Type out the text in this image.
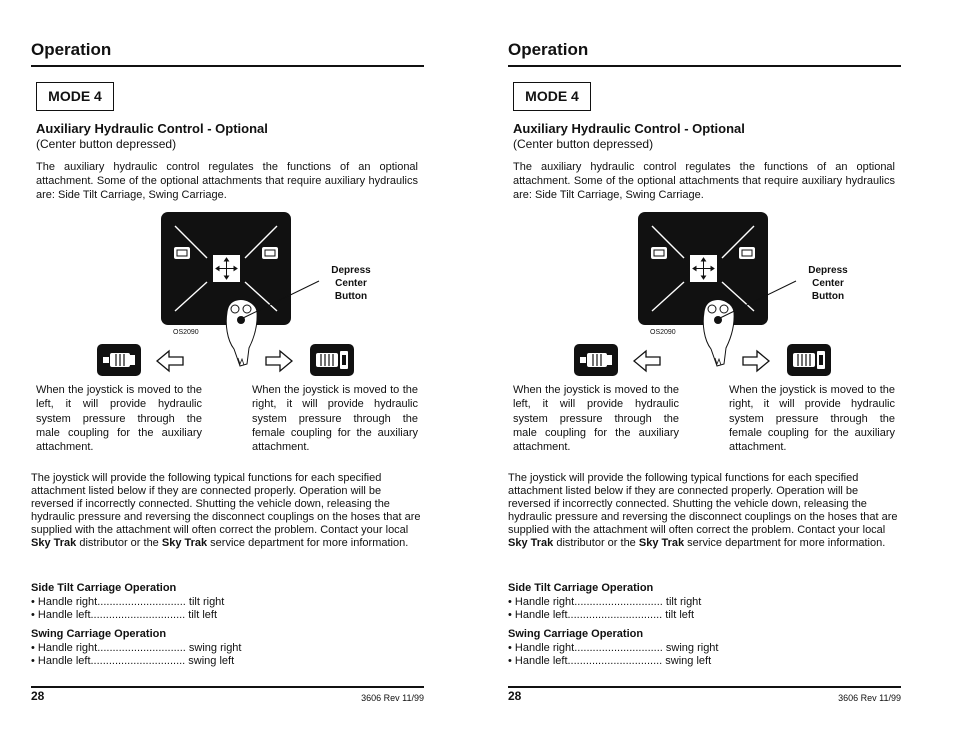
Operation
MODE 4
Auxiliary Hydraulic Control - Optional
(Center button depressed)

The auxiliary hydraulic control regulates the functions of an optional attachment. Some of the optional attachments that require auxiliary hydraulics are: Side Tilt Carriage, Swing Carriage.

OS2090
Depress
Center
Button

When the joystick is moved to the left, it will provide hydraulic system pressure through the male coupling for the auxiliary attachment.

When the joystick is moved to the right, it will provide hydraulic system pressure through the female coupling for the auxiliary attachment.

The joystick will provide the following typical functions for each specified attachment listed below if they are connected properly. Operation will be reversed if incorrectly connected. Shutting the vehicle down, releasing the hydraulic pressure and reversing the disconnect couplings on the hoses that are supplied with the attachment will often correct the problem. Contact your local Sky Trak distributor or the Sky Trak service department for more information.

Side Tilt Carriage Operation
• Handle right............................. tilt right
• Handle left............................... tilt left
Swing Carriage Operation
• Handle right............................. swing right
• Handle left............................... swing left
28	3606 Rev 11/99
Operation
MODE 4
Auxiliary Hydraulic Control - Optional
(Center button depressed)

The auxiliary hydraulic control regulates the functions of an optional attachment. Some of the optional attachments that require auxiliary hydraulics are: Side Tilt Carriage, Swing Carriage.

OS2090
Depress
Center
Button

When the joystick is moved to the left, it will provide hydraulic system pressure through the male coupling for the auxiliary attachment.

When the joystick is moved to the right, it will provide hydraulic system pressure through the female coupling for the auxiliary attachment.

The joystick will provide the following typical functions for each specified attachment listed below if they are connected properly. Operation will be reversed if incorrectly connected. Shutting the vehicle down, releasing the hydraulic pressure and reversing the disconnect couplings on the hoses that are supplied with the attachment will often correct the problem. Contact your local Sky Trak distributor or the Sky Trak service department for more information.

Side Tilt Carriage Operation
• Handle right............................. tilt right
• Handle left............................... tilt left
Swing Carriage Operation
• Handle right............................. swing right
• Handle left............................... swing left
28	3606 Rev 11/99
